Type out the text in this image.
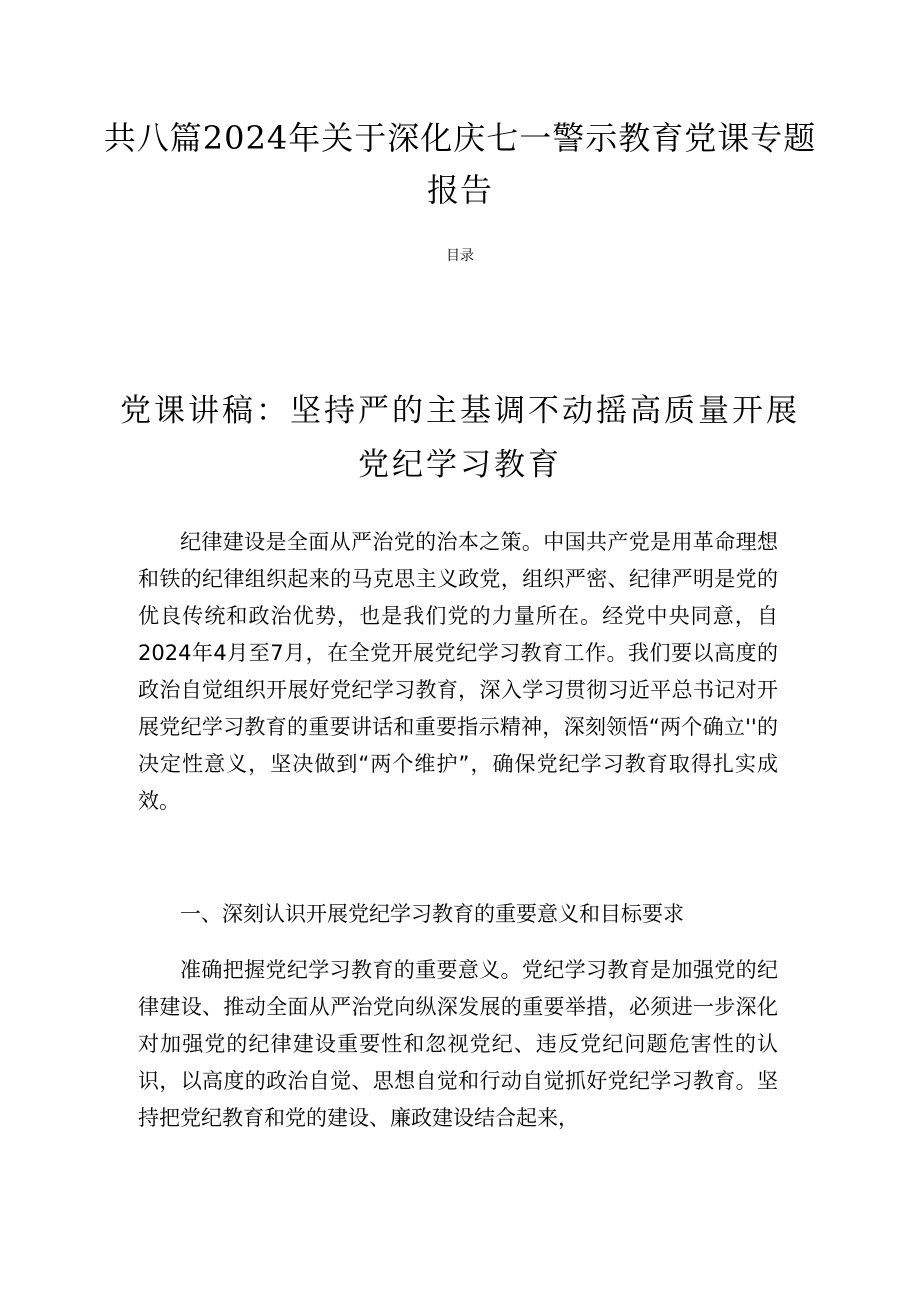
共八篇2024年关于深化庆七一警示教育党课专题报告
目录
党课讲稿：坚持严的主基调不动摇高质量开展党纪学习教育

纪律建设是全面从严治党的治本之策。中国共产党是用革命理想和铁的纪律组织起来的马克思主义政党，组织严密、纪律严明是党的优良传统和政治优势，也是我们党的力量所在。经党中央同意，自2024年4月至7月，在全党开展党纪学习教育工作。我们要以高度的政治自觉组织开展好党纪学习教育，深入学习贯彻习近平总书记对开展党纪学习教育的重要讲话和重要指示精神，深刻领悟“两个确立''的决定性意义，坚决做到“两个维护”，确保党纪学习教育取得扎实成效。

一、深刻认识开展党纪学习教育的重要意义和目标要求

准确把握党纪学习教育的重要意义。党纪学习教育是加强党的纪律建设、推动全面从严治党向纵深发展的重要举措，必须进一步深化对加强党的纪律建设重要性和忽视党纪、违反党纪问题危害性的认识，以高度的政治自觉、思想自觉和行动自觉抓好党纪学习教育。坚持把党纪教育和党的建设、廉政建设结合起来，
